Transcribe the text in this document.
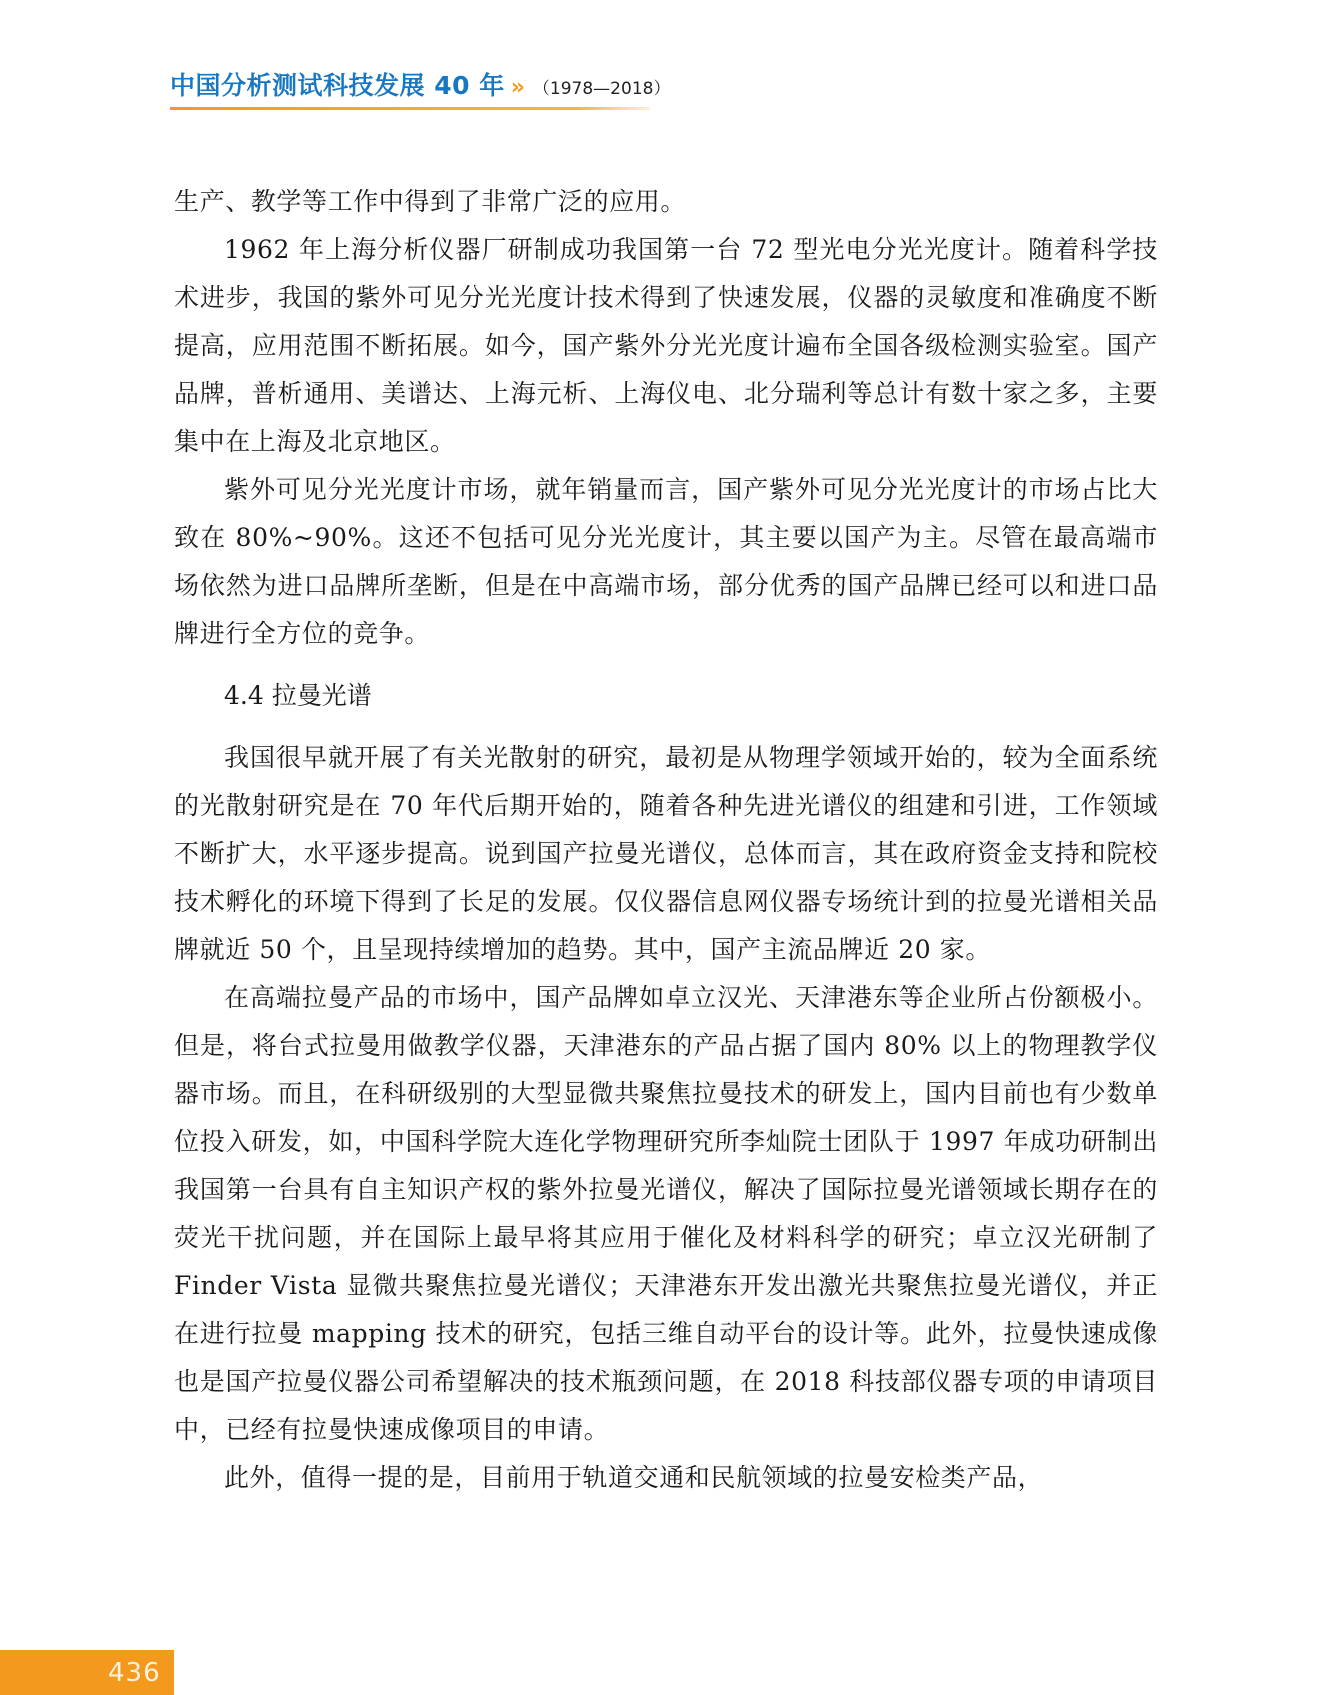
中国分析测试科技发展 40 年 » （1978—2018）

生产、教学等工作中得到了非常广泛的应用。

1962 年上海分析仪器厂研制成功我国第一台 72 型光电分光光度计。随着科学技术进步，我国的紫外可见分光光度计技术得到了快速发展，仪器的灵敏度和准确度不断提高，应用范围不断拓展。如今，国产紫外分光光度计遍布全国各级检测实验室。国产品牌，普析通用、美谱达、上海元析、上海仪电、北分瑞利等总计有数十家之多，主要集中在上海及北京地区。

紫外可见分光光度计市场，就年销量而言，国产紫外可见分光光度计的市场占比大致在 80%~90%。这还不包括可见分光光度计，其主要以国产为主。尽管在最高端市场依然为进口品牌所垄断，但是在中高端市场，部分优秀的国产品牌已经可以和进口品牌进行全方位的竞争。

4.4 拉曼光谱

我国很早就开展了有关光散射的研究，最初是从物理学领域开始的，较为全面系统的光散射研究是在 70 年代后期开始的，随着各种先进光谱仪的组建和引进，工作领域不断扩大，水平逐步提高。说到国产拉曼光谱仪，总体而言，其在政府资金支持和院校技术孵化的环境下得到了长足的发展。仅仪器信息网仪器专场统计到的拉曼光谱相关品牌就近 50 个，且呈现持续增加的趋势。其中，国产主流品牌近 20 家。

在高端拉曼产品的市场中，国产品牌如卓立汉光、天津港东等企业所占份额极小。但是，将台式拉曼用做教学仪器，天津港东的产品占据了国内 80% 以上的物理教学仪器市场。而且，在科研级别的大型显微共聚焦拉曼技术的研发上，国内目前也有少数单位投入研发，如，中国科学院大连化学物理研究所李灿院士团队于 1997 年成功研制出我国第一台具有自主知识产权的紫外拉曼光谱仪，解决了国际拉曼光谱领域长期存在的荧光干扰问题，并在国际上最早将其应用于催化及材料科学的研究；卓立汉光研制了 Finder Vista 显微共聚焦拉曼光谱仪；天津港东开发出激光共聚焦拉曼光谱仪，并正在进行拉曼 mapping 技术的研究，包括三维自动平台的设计等。此外，拉曼快速成像也是国产拉曼仪器公司希望解决的技术瓶颈问题，在 2018 科技部仪器专项的申请项目中，已经有拉曼快速成像项目的申请。

此外，值得一提的是，目前用于轨道交通和民航领域的拉曼安检类产品，

436
